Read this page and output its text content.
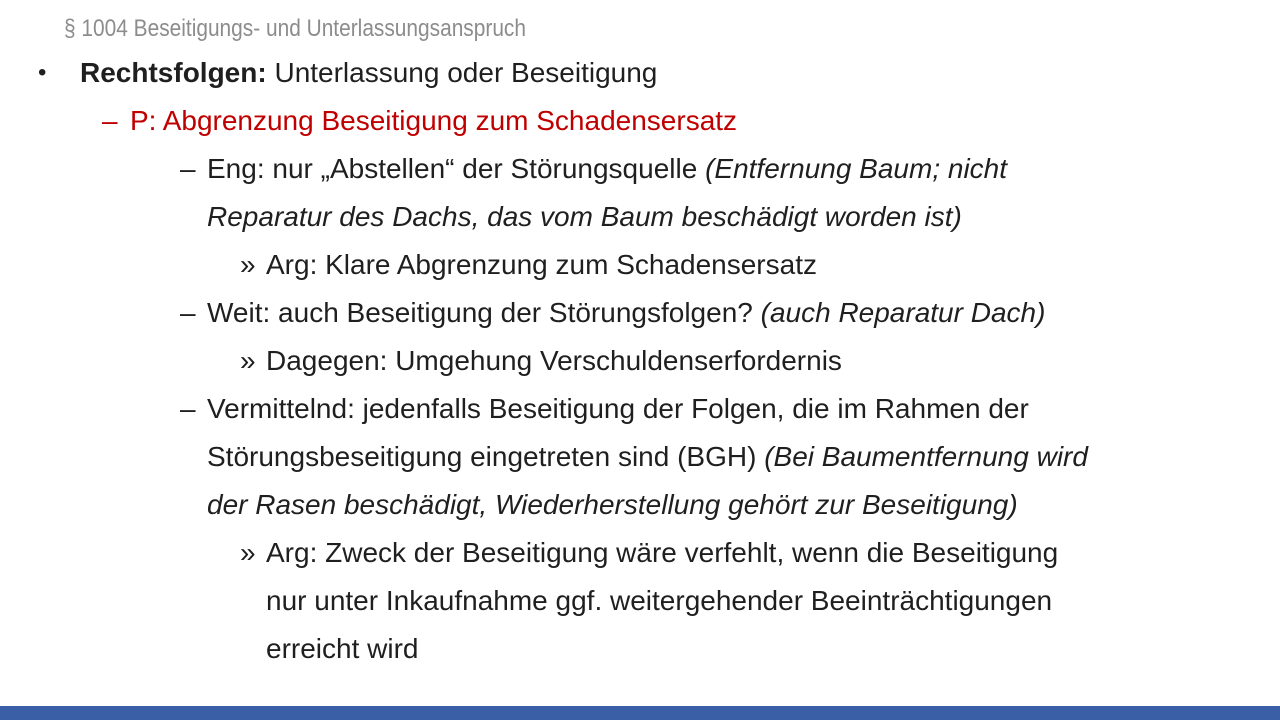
§ 1004 Beseitigungs- und Unterlassungsanspruch
•	Rechtsfolgen: Unterlassung oder Beseitigung
– P: Abgrenzung Beseitigung zum Schadensersatz
– Eng: nur „Abstellen“ der Störungsquelle (Entfernung Baum; nicht
Reparatur des Dachs, das vom Baum beschädigt worden ist)
» Arg: Klare Abgrenzung zum Schadensersatz
– Weit: auch Beseitigung der Störungsfolgen? (auch Reparatur Dach)
» Dagegen: Umgehung Verschuldenserfordernis
– Vermittelnd: jedenfalls Beseitigung der Folgen, die im Rahmen der
Störungsbeseitigung eingetreten sind (BGH) (Bei Baumentfernung wird
der Rasen beschädigt, Wiederherstellung gehört zur Beseitigung)
» Arg: Zweck der Beseitigung wäre verfehlt, wenn die Beseitigung
nur unter Inkaufnahme ggf. weitergehender Beeinträchtigungen
erreicht wird
